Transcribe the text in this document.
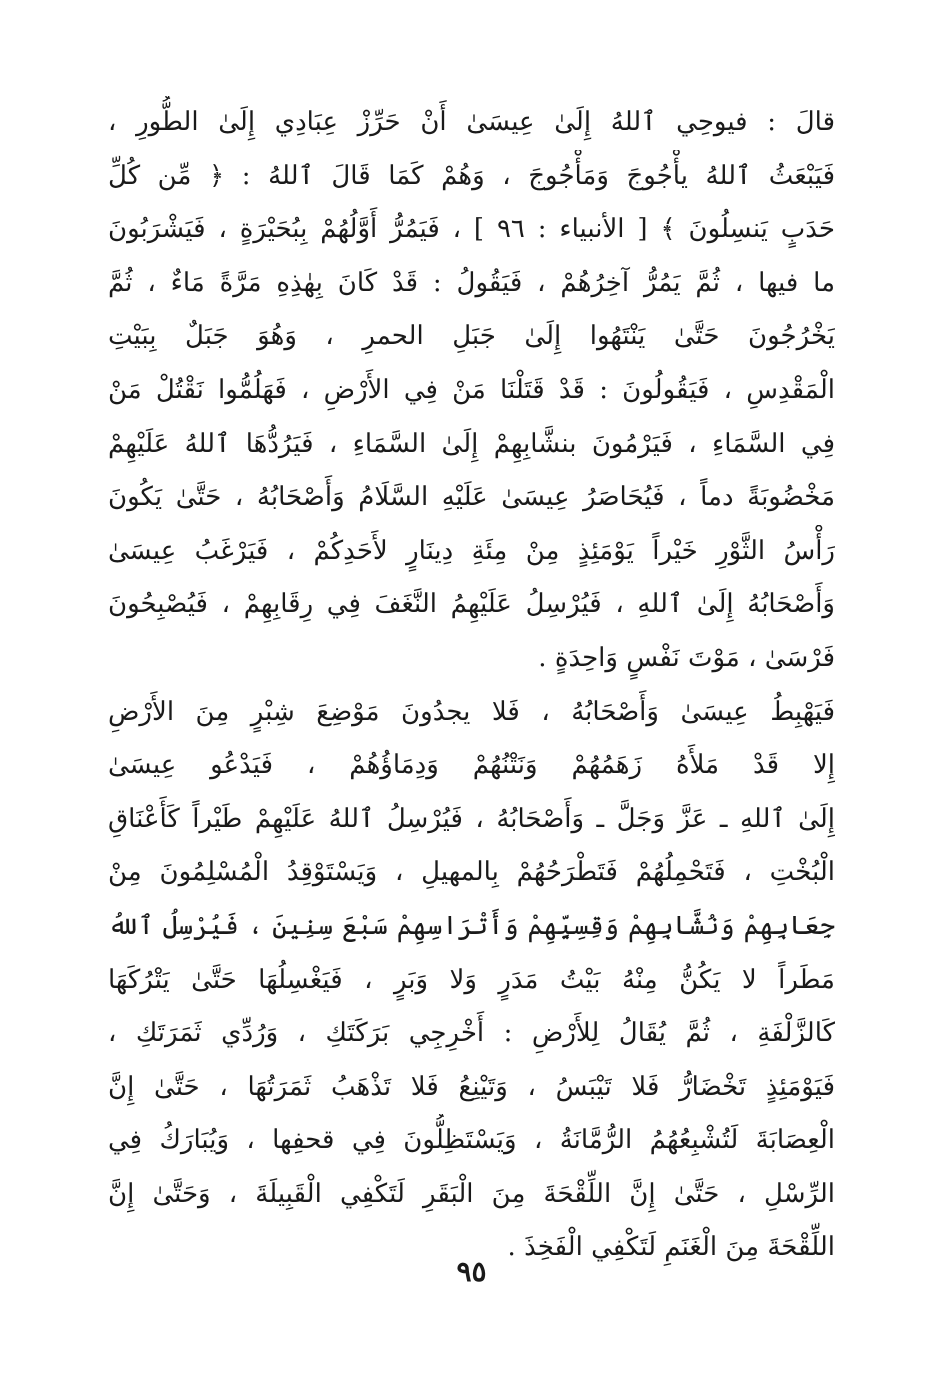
قالَ : فيوحِي ٱللهُ إِلَىٰ عِيسَىٰ أَنْ حَرِّزْ عِبَادِي إِلَىٰ الطُّورِ ،
فَيَبْعَثُ ٱللهُ يأْجُوجَ وَمَأْجُوجَ ، وَهُمْ كَمَا قَالَ ٱللهُ : ﴿ مِّن كُلِّ
حَدَبٍ يَنسِلُونَ ﴾ [ الأنبياء : ٩٦ ] ، فَيَمُرُّ أَوَّلُهُمْ بِبُحَيْرَةٍ ، فَيَشْرَبُونَ
ما فيها ، ثُمَّ يَمُرُّ آخِرُهُمْ ، فَيَقُولُ : قَدْ كَانَ بِهٰذِهِ مَرَّةً مَاءٌ ، ثُمَّ
يَخْرُجُونَ حَتَّىٰ يَنْتَهُوا إِلَىٰ جَبَلِ الحمرِ ، وَهُوَ جَبَلٌ بِبَيْتِ
الْمَقْدِسِ ، فَيَقُولُونَ : قَدْ قَتَلْنَا مَنْ فِي الأَرْضِ ، فَهَلُمُّوا نَقْتُلْ مَنْ
فِي السَّمَاءِ ، فَيَرْمُونَ بنشَّابِهِمْ إِلَىٰ السَّمَاءِ ، فَيَرُدُّهَا ٱللهُ عَلَيْهِمْ
مَخْضُوبَةً دماً ، فَيُحَاصَرُ عِيسَىٰ عَلَيْهِ السَّلَامُ وَأَصْحَابُهُ ، حَتَّىٰ يَكُونَ
رَأْسُ الثَّوْرِ خَيْراً يَوْمَئِذٍ مِنْ مِئَةِ دِينَارٍ لأَحَدِكُمْ ، فَيَرْغَبُ عِيسَىٰ
وَأَصْحَابُهُ إِلَىٰ ٱللهِ ، فَيُرْسِلُ عَلَيْهِمُ النَّغَفَ فِي رِقَابِهِمْ ، فَيُصْبِحُونَ
فَرْسَىٰ ، مَوْتَ نَفْسٍ وَاحِدَةٍ .
فَيَهْبِطُ عِيسَىٰ وَأَصْحَابُهُ ، فَلا يجدُونَ مَوْضِعَ شِبْرٍ مِنَ الأَرْضِ
إِلا قَدْ مَلأَهُ زَهَمُهُمْ وَنَتْنُهُمْ وَدِمَاؤُهُمْ ، فَيَدْعُو عِيسَىٰ
إِلَىٰ ٱللهِ ـ عَزَّ وَجَلَّ ـ وَأَصْحَابُهُ ، فَيُرْسِلُ ٱللهُ عَلَيْهِمْ طَيْراً كَأَعْنَاقِ
الْبُخْتِ ، فَتَحْمِلُهُمْ فَتَطْرَحُهُمْ بِالمهيلِ ، وَيَسْتَوْقِدُ الْمُسْلِمُونَ مِنْ
جِعَابِهِمْ وَنُشَّابِهِمْ وَقِسِيِّهِمْ وَأَتْرَاسِهِمْ سَبْعَ سِنِينَ ، فَيُرْسِلُ ٱللهُ
مَطَراً لا يَكُنُّ مِنْهُ بَيْتُ مَدَرٍ وَلا وَبَرٍ ، فَيَغْسِلُهَا حَتَّىٰ يَتْرُكَهَا
كَالزَّلْفَةِ ، ثُمَّ يُقَالُ لِلأَرْضِ : أَخْرِجِي بَرَكَتَكِ ، وَرُدِّي ثَمَرَتَكِ ،
فَيَوْمَئِذٍ تَخْضَارُّ فَلا تَيْبَسُ ، وَتَيْنِعُ فَلا تَذْهَبُ ثَمَرَتُهَا ، حَتَّىٰ إِنَّ
الْعِصَابَةَ لَتُشْبِعُهُمُ الرُّمَّانَةُ ، وَيَسْتَظِلُّونَ فِي قحفِها ، وَيُبَارَكُ فِي
الرِّسْلِ ، حَتَّىٰ إِنَّ اللِّقْحَةَ مِنَ الْبَقَرِ لَتَكْفِي الْقَبِيلَةَ ، وَحَتَّىٰ إِنَّ
اللِّقْحَةَ مِنَ الْغَنَمِ لَتَكْفِي الْفَخِذَ .
٩٥
